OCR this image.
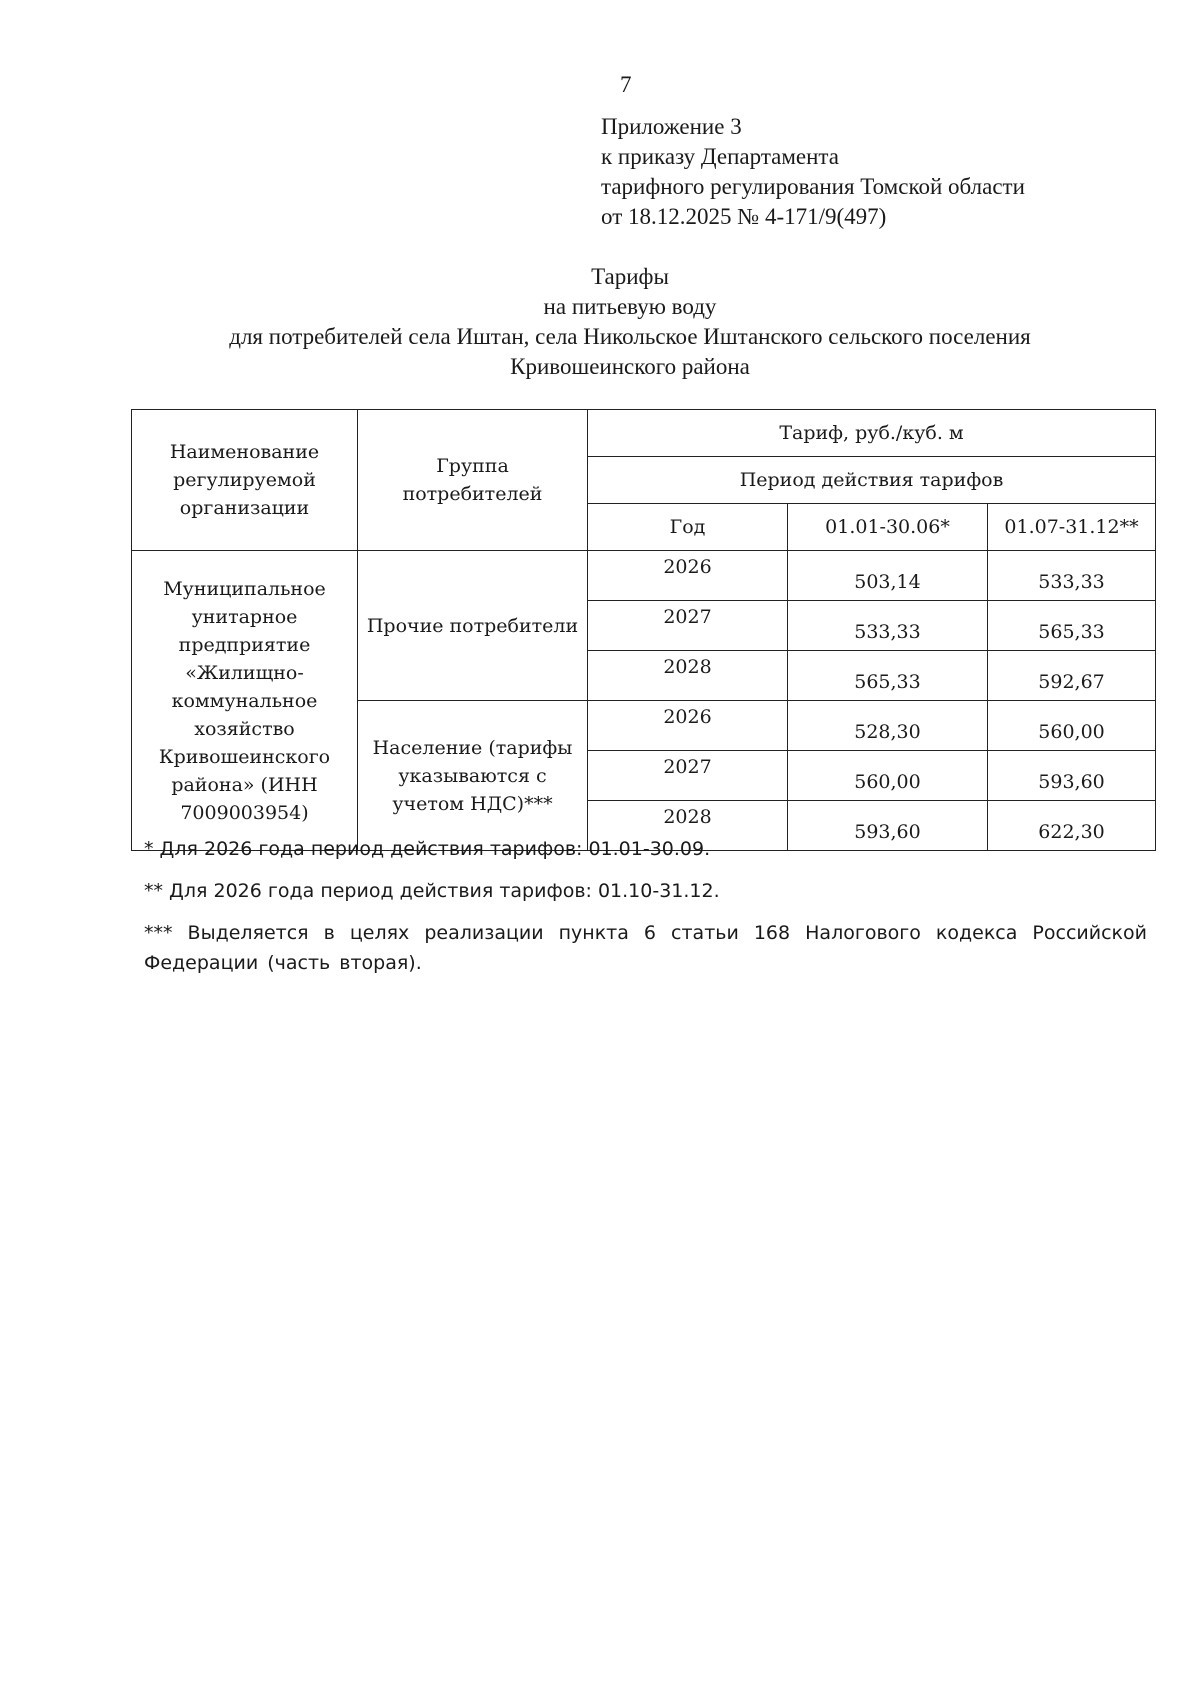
7
Приложение 3
к приказу Департамента
тарифного регулирования Томской области
от 18.12.2025 № 4-171/9(497)
Тарифы
на питьевую воду
для потребителей села Иштан, села Никольское Иштанского сельского поселения
Кривошеинского района
Наименование регулируемой организации	Группа потребителей	Тариф, руб./куб. м		
		Период действия тарифов		
		Год	01.01-30.06*	01.07-31.12**
Муниципальное унитарное предприятие «Жилищно-коммунальное хозяйство Кривошеинского района» (ИНН 7009003954)	Прочие потребители	2026	503,14	533,33
		2027	533,33	565,33
		2028	565,33	592,67
	Население (тарифы указываются с учетом НДС)***	2026	528,30	560,00
		2027	560,00	593,60
		2028	593,60	622,30

* Для 2026 года период действия тарифов: 01.01-30.09.

** Для 2026 года период действия тарифов: 01.10-31.12.

*** Выделяется в целях реализации пункта 6 статьи 168 Налогового кодекса Российской Федерации (часть вторая).
